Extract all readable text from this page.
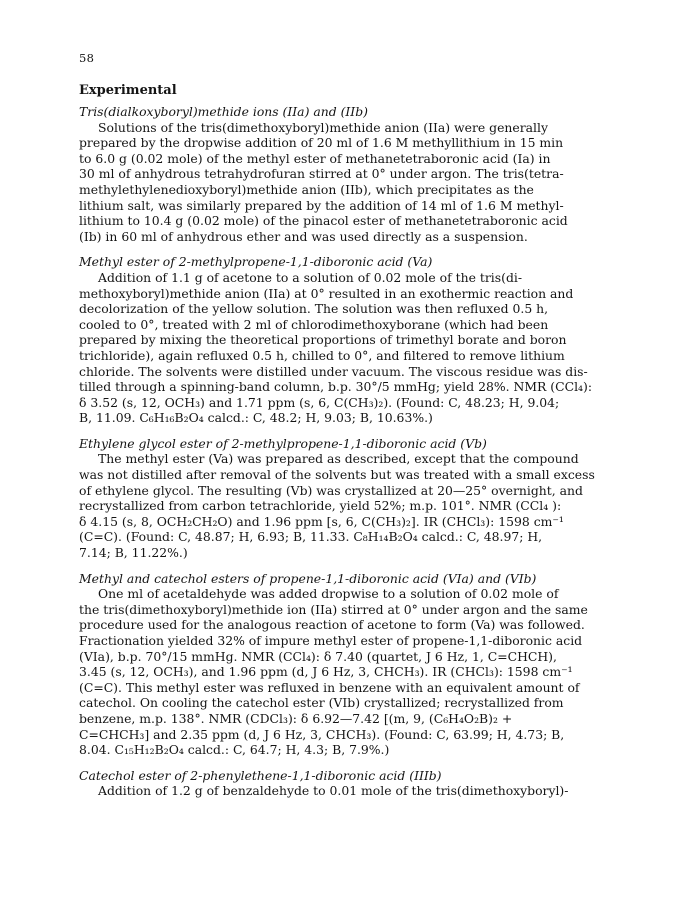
58
Experimental
Tris(dialkoxyboryl)methide ions (IIa) and (IIb)
Solutions of the tris(dimethoxyboryl)methide anion (IIa) were generally
prepared by the dropwise addition of 20 ml of 1.6 M methyllithium in 15 min
to 6.0 g (0.02 mole) of the methyl ester of methanetetraboronic acid (Ia) in
30 ml of anhydrous tetrahydrofuran stirred at 0° under argon. The tris(tetra-
methylethylenedioxyboryl)methide anion (IIb), which precipitates as the
lithium salt, was similarly prepared by the addition of 14 ml of 1.6 M methyl-
lithium to 10.4 g (0.02 mole) of the pinacol ester of methanetetraboronic acid
(Ib) in 60 ml of anhydrous ether and was used directly as a suspension.
Methyl ester of 2-methylpropene-1,1-diboronic acid (Va)
Addition of 1.1 g of acetone to a solution of 0.02 mole of the tris(di-
methoxyboryl)methide anion (IIa) at 0° resulted in an exothermic reaction and
decolorization of the yellow solution. The solution was then refluxed 0.5 h,
cooled to 0°, treated with 2 ml of chlorodimethoxyborane (which had been
prepared by mixing the theoretical proportions of trimethyl borate and boron
trichloride), again refluxed 0.5 h, chilled to 0°, and filtered to remove lithium
chloride. The solvents were distilled under vacuum. The viscous residue was dis-
tilled through a spinning-band column, b.p. 30°/5 mmHg; yield 28%. NMR (CCl₄):
δ 3.52 (s, 12, OCH₃) and 1.71 ppm (s, 6, C(CH₃)₂). (Found: C, 48.23; H, 9.04;
B, 11.09. C₆H₁₆B₂O₄ calcd.: C, 48.2; H, 9.03; B, 10.63%.)
Ethylene glycol ester of 2-methylpropene-1,1-diboronic acid (Vb)
The methyl ester (Va) was prepared as described, except that the compound
was not distilled after removal of the solvents but was treated with a small excess
of ethylene glycol. The resulting (Vb) was crystallized at 20—25° overnight, and
recrystallized from carbon tetrachloride, yield 52%; m.p. 101°. NMR (CCl₄ ):
δ 4.15 (s, 8, OCH₂CH₂O) and 1.96 ppm [s, 6, C(CH₃)₂]. IR (CHCl₃): 1598 cm⁻¹
(C=C). (Found: C, 48.87; H, 6.93; B, 11.33. C₈H₁₄B₂O₄ calcd.: C, 48.97; H,
7.14; B, 11.22%.)
Methyl and catechol esters of propene-1,1-diboronic acid (VIa) and (VIb)
One ml of acetaldehyde was added dropwise to a solution of 0.02 mole of
the tris(dimethoxyboryl)methide ion (IIa) stirred at 0° under argon and the same
procedure used for the analogous reaction of acetone to form (Va) was followed.
Fractionation yielded 32% of impure methyl ester of propene-1,1-diboronic acid
(VIa), b.p. 70°/15 mmHg. NMR (CCl₄): δ 7.40 (quartet, J 6 Hz, 1, C=CHCH),
3.45 (s, 12, OCH₃), and 1.96 ppm (d, J 6 Hz, 3, CHCH₃). IR (CHCl₃): 1598 cm⁻¹
(C=C). This methyl ester was refluxed in benzene with an equivalent amount of
catechol. On cooling the catechol ester (VIb) crystallized; recrystallized from
benzene, m.p. 138°. NMR (CDCl₃): δ 6.92—7.42 [(m, 9, (C₆H₄O₂B)₂ +
C=CHCH₃] and 2.35 ppm (d, J 6 Hz, 3, CHCH₃). (Found: C, 63.99; H, 4.73; B,
8.04. C₁₅H₁₂B₂O₄ calcd.: C, 64.7; H, 4.3; B, 7.9%.)
Catechol ester of 2-phenylethene-1,1-diboronic acid (IIIb)
Addition of 1.2 g of benzaldehyde to 0.01 mole of the tris(dimethoxyboryl)-
